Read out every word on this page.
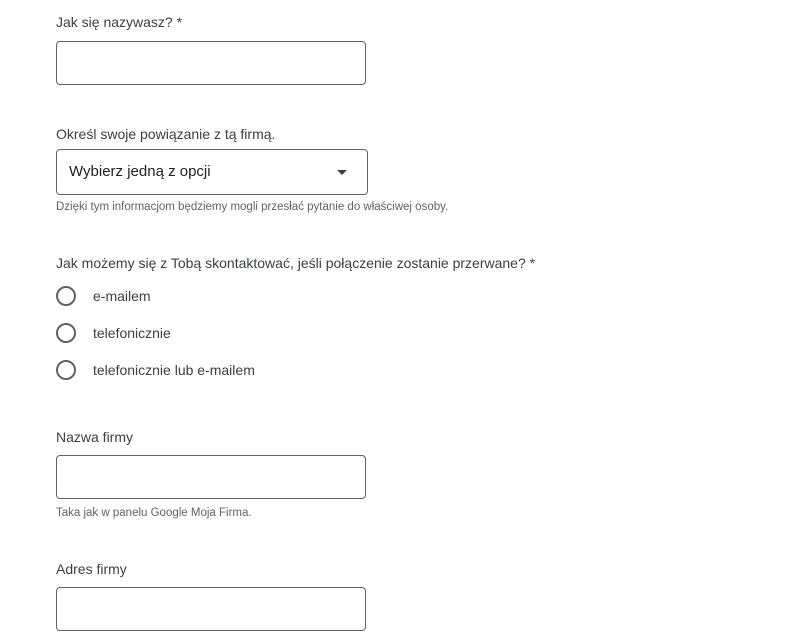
Jak się nazywasz? *
Określ swoje powiązanie z tą firmą.
Wybierz jedną z opcji
Dzięki tym informacjom będziemy mogli przesłać pytanie do właściwej osoby.
Jak możemy się z Tobą skontaktować, jeśli połączenie zostanie przerwane? *
e-mailem
telefonicznie
telefonicznie lub e-mailem
Nazwa firmy
Taka jak w panelu Google Moja Firma.
Adres firmy
